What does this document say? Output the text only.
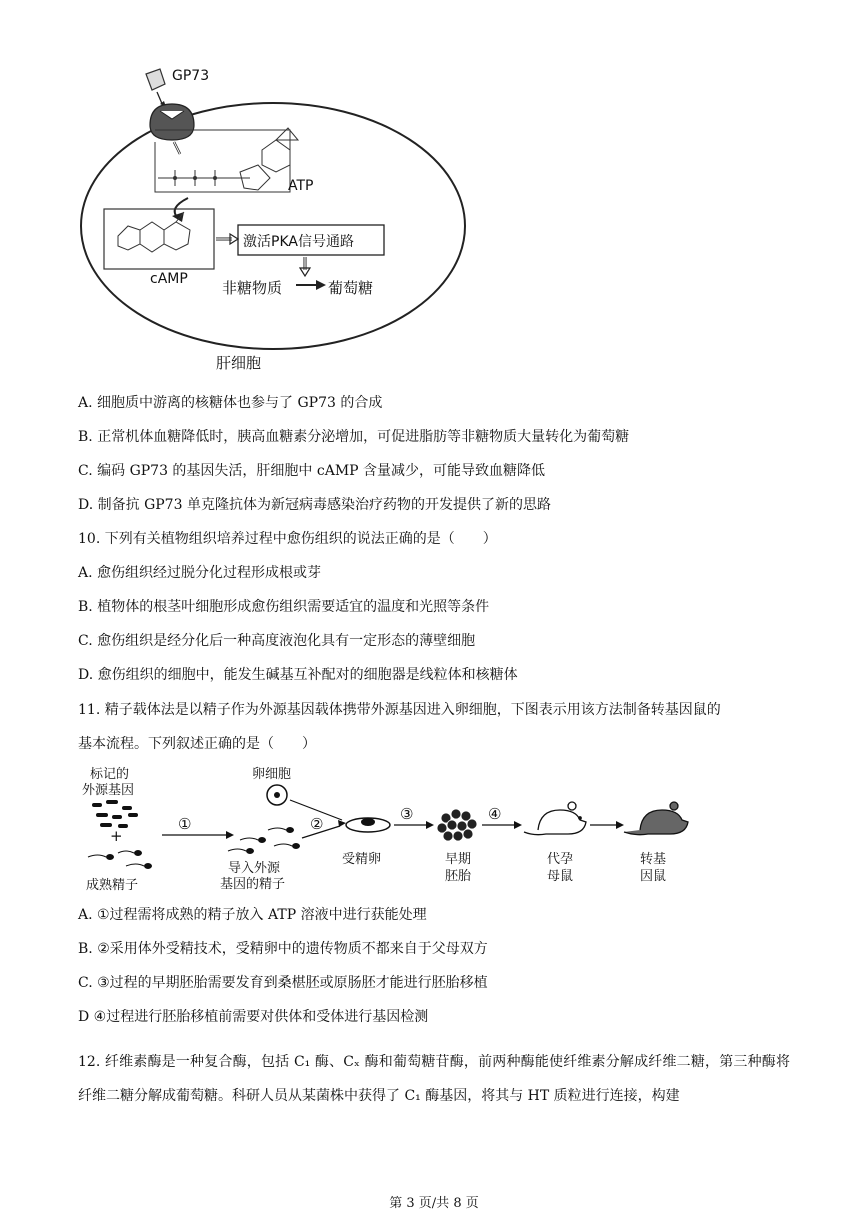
GP73
ATP
激活PKA信号通路
cAMP 非糖物质	葡萄糖
肝细胞
A. 细胞质中游离的核糖体也参与了 GP73 的合成
B. 正常机体血糖降低时，胰高血糖素分泌增加，可促进脂肪等非糖物质大量转化为葡萄糖
C. 编码 GP73 的基因失活，肝细胞中 cAMP 含量减少，可能导致血糖降低
D. 制备抗 GP73 单克隆抗体为新冠病毒感染治疗药物的开发提供了新的思路
10. 下列有关植物组织培养过程中愈伤组织的说法正确的是（　　）
A. 愈伤组织经过脱分化过程形成根或芽
B. 植物体的根茎叶细胞形成愈伤组织需要适宜的温度和光照等条件
C. 愈伤组织是经分化后一种高度液泡化具有一定形态的薄壁细胞
D. 愈伤组织的细胞中，能发生碱基互补配对的细胞器是线粒体和核糖体
11. 精子载体法是以精子作为外源基因载体携带外源基因进入卵细胞，下图表示用该方法制备转基因鼠的
基本流程。下列叙述正确的是（　　）
标记的
外源基因
+
成熟精子
①
卵细胞
②
导入外源
基因的精子
受精卵
③
早期
胚胎
④
代孕
母鼠
转基
因鼠
A. ①过程需将成熟的精子放入 ATP 溶液中进行获能处理
B. ②采用体外受精技术，受精卵中的遗传物质不都来自于父母双方
C. ③过程的早期胚胎需要发育到桑椹胚或原肠胚才能进行胚胎移植
D ④过程进行胚胎移植前需要对供体和受体进行基因检测
12. 纤维素酶是一种复合酶，包括 C₁ 酶、Cₓ 酶和葡萄糖苷酶，前两种酶能使纤维素分解成纤维二糖，第三种酶将纤维二糖分解成葡萄糖。科研人员从某菌株中获得了 C₁ 酶基因，将其与 HT 质粒进行连接，构建
第 3 页/共 8 页
